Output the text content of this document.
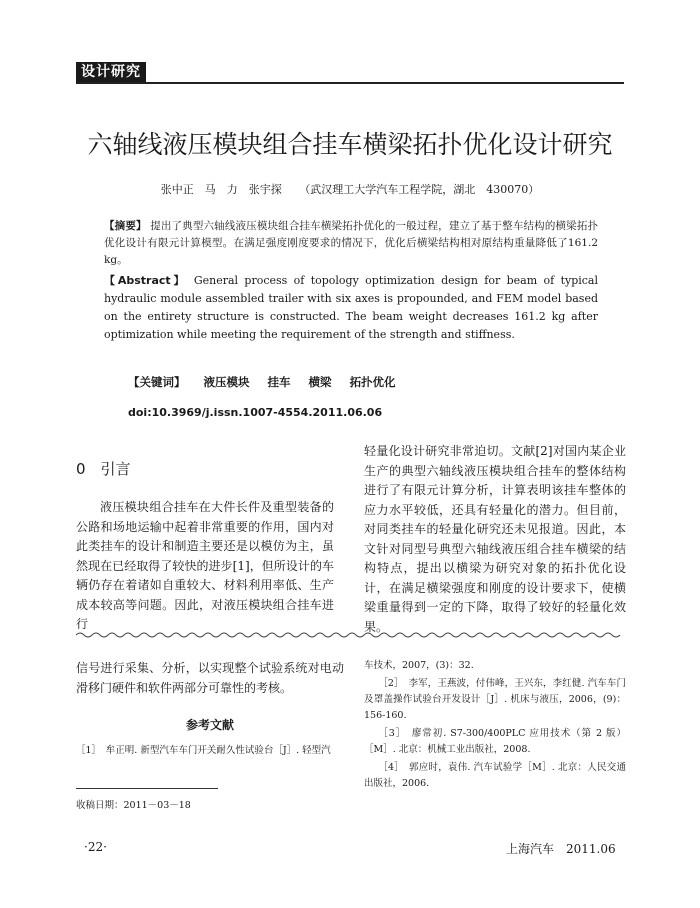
设计研究
六轴线液压模块组合挂车横梁拓扑优化设计研究
张中正　马　力　张宇探 （武汉理工大学汽车工程学院，湖北　430070）
【摘要】 提出了典型六轴线液压模块组合挂车横梁拓扑优化的一般过程，建立了基于整车结构的横梁拓扑优化设计有限元计算模型。在满足强度刚度要求的情况下，优化后横梁结构相对原结构重量降低了161.2 kg。
【Abstract】 General process of topology optimization design for beam of typical hydraulic module assembled trailer with six axes is propounded, and FEM model based on the entirety structure is constructed. The beam weight decreases 161.2 kg after optimization while meeting the requirement of the strength and stiffness.
【关键词】 液压模块 挂车 横梁 拓扑优化
doi:10.3969/j.issn.1007-4554.2011.06.06
0　引言
液压模块组合挂车在大件长件及重型装备的公路和场地运输中起着非常重要的作用，国内对此类挂车的设计和制造主要还是以模仿为主，虽然现在已经取得了较快的进步[1]，但所设计的车辆仍存在着诸如自重较大、材料利用率低、生产成本较高等问题。因此，对液压模块组合挂车进行
轻量化设计研究非常迫切。文献[2]对国内某企业生产的典型六轴线液压模块组合挂车的整体结构进行了有限元计算分析，计算表明该挂车整体的应力水平较低，还具有轻量化的潜力。但目前，对同类挂车的轻量化研究还未见报道。因此，本文针对同型号典型六轴线液压组合挂车横梁的结构特点，提出以横梁为研究对象的拓扑优化设计，在满足横梁强度和刚度的设计要求下，使横梁重量得到一定的下降，取得了较好的轻量化效果。
信号进行采集、分析，以实现整个试验系统对电动滑移门硬件和软件两部分可靠性的考核。
参考文献
［1］　牟正明. 新型汽车车门开关耐久性试验台［J］. 轻型汽
车技术，2007，(3)：32.
［2］　李军，王燕波，付伟峰，王兴东，李红健. 汽车车门及罩盖操作试验台开发设计［J］. 机床与液压，2006，(9)：156-160.
［3］　廖常初. S7-300/400PLC 应用技术（第 2 版）［M］. 北京：机械工业出版社，2008.
［4］　郭应时，袁伟. 汽车试验学［M］. 北京：人民交通出版社，2006.
收稿日期：2011－03－18
·22·	上海汽车　2011.06
